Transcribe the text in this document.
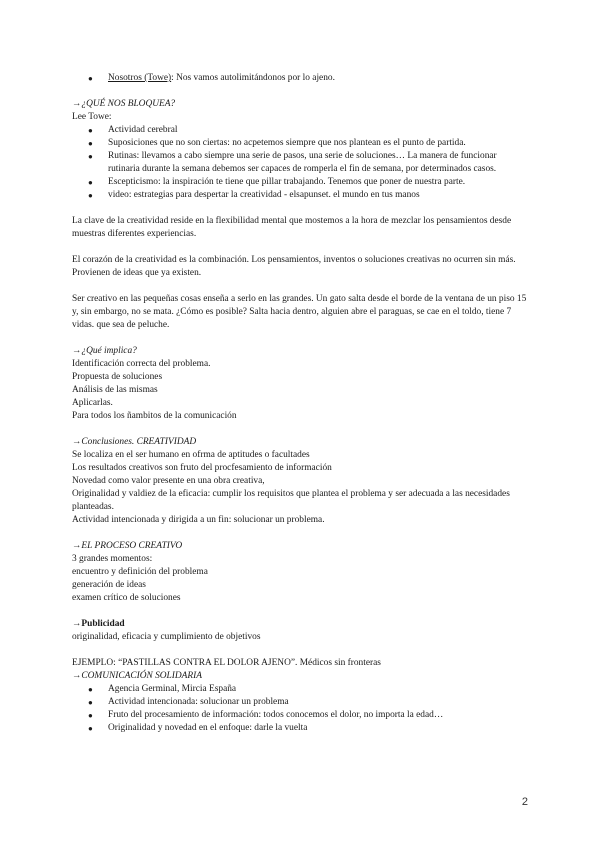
● Nosotros (Towe): Nos vamos autolimitándonos por lo ajeno.

→¿QUÉ NOS BLOQUEA?

Lee Towe:

● Actividad cerebral
● Suposiciones que no son ciertas: no acpetemos siempre que nos plantean es el punto de partida.
● Rutinas: llevamos a cabo siempre una serie de pasos, una serie de soluciones… La manera de funcionar rutinaria durante la semana debemos ser capaces de romperla el fin de semana, por determinados casos.
● Escepticismo: la inspiración te tiene que pillar trabajando. Tenemos que poner de nuestra parte.
● video: estrategias para despertar la creatividad - elsapunset. el mundo en tus manos

La clave de la creatividad reside en la flexibilidad mental que mostemos a la hora de mezclar los pensamientos desde muestras diferentes experiencias.

El corazón de la creatividad es la combinación. Los pensamientos, inventos o soluciones creativas no ocurren sin más. Provienen de ideas que ya existen.

Ser creativo en las pequeñas cosas enseña a serlo en las grandes. Un gato salta desde el borde de la ventana de un piso 15 y, sin embargo, no se mata. ¿Cómo es posible? Salta hacia dentro, alguien abre el paraguas, se cae en el toldo, tiene 7 vidas. que sea de peluche.

→¿Qué implica?

Identificación correcta del problema.

Propuesta de soluciones

Análisis de las mismas

Aplicarlas.

Para todos los ñambitos de la comunicación

→Conclusiones. CREATIVIDAD

Se localiza en el ser humano en ofrma de aptitudes o facultades

Los resultados creativos son fruto del procfesamiento de información

Novedad como valor presente en una obra creativa,

Originalidad y valdiez de la eficacia: cumplir los requisitos que plantea el problema y ser adecuada a las necesidades planteadas.

Actividad intencionada y dirigida a un fin: solucionar un problema.

→EL PROCESO CREATIVO

3 grandes momentos:

encuentro y definición del problema

generación de ideas

examen crítico de soluciones

→Publicidad

originalidad, eficacia y cumplimiento de objetivos

EJEMPLO: “PASTILLAS CONTRA EL DOLOR AJENO”. Médicos sin fronteras

→COMUNICACIÓN SOLIDARIA

● Agencia Germinal, Mircia España
● Actividad intencionada: solucionar un problema
● Fruto del procesamiento de información: todos conocemos el dolor, no importa la edad…
● Originalidad y novedad en el enfoque: darle la vuelta
2
